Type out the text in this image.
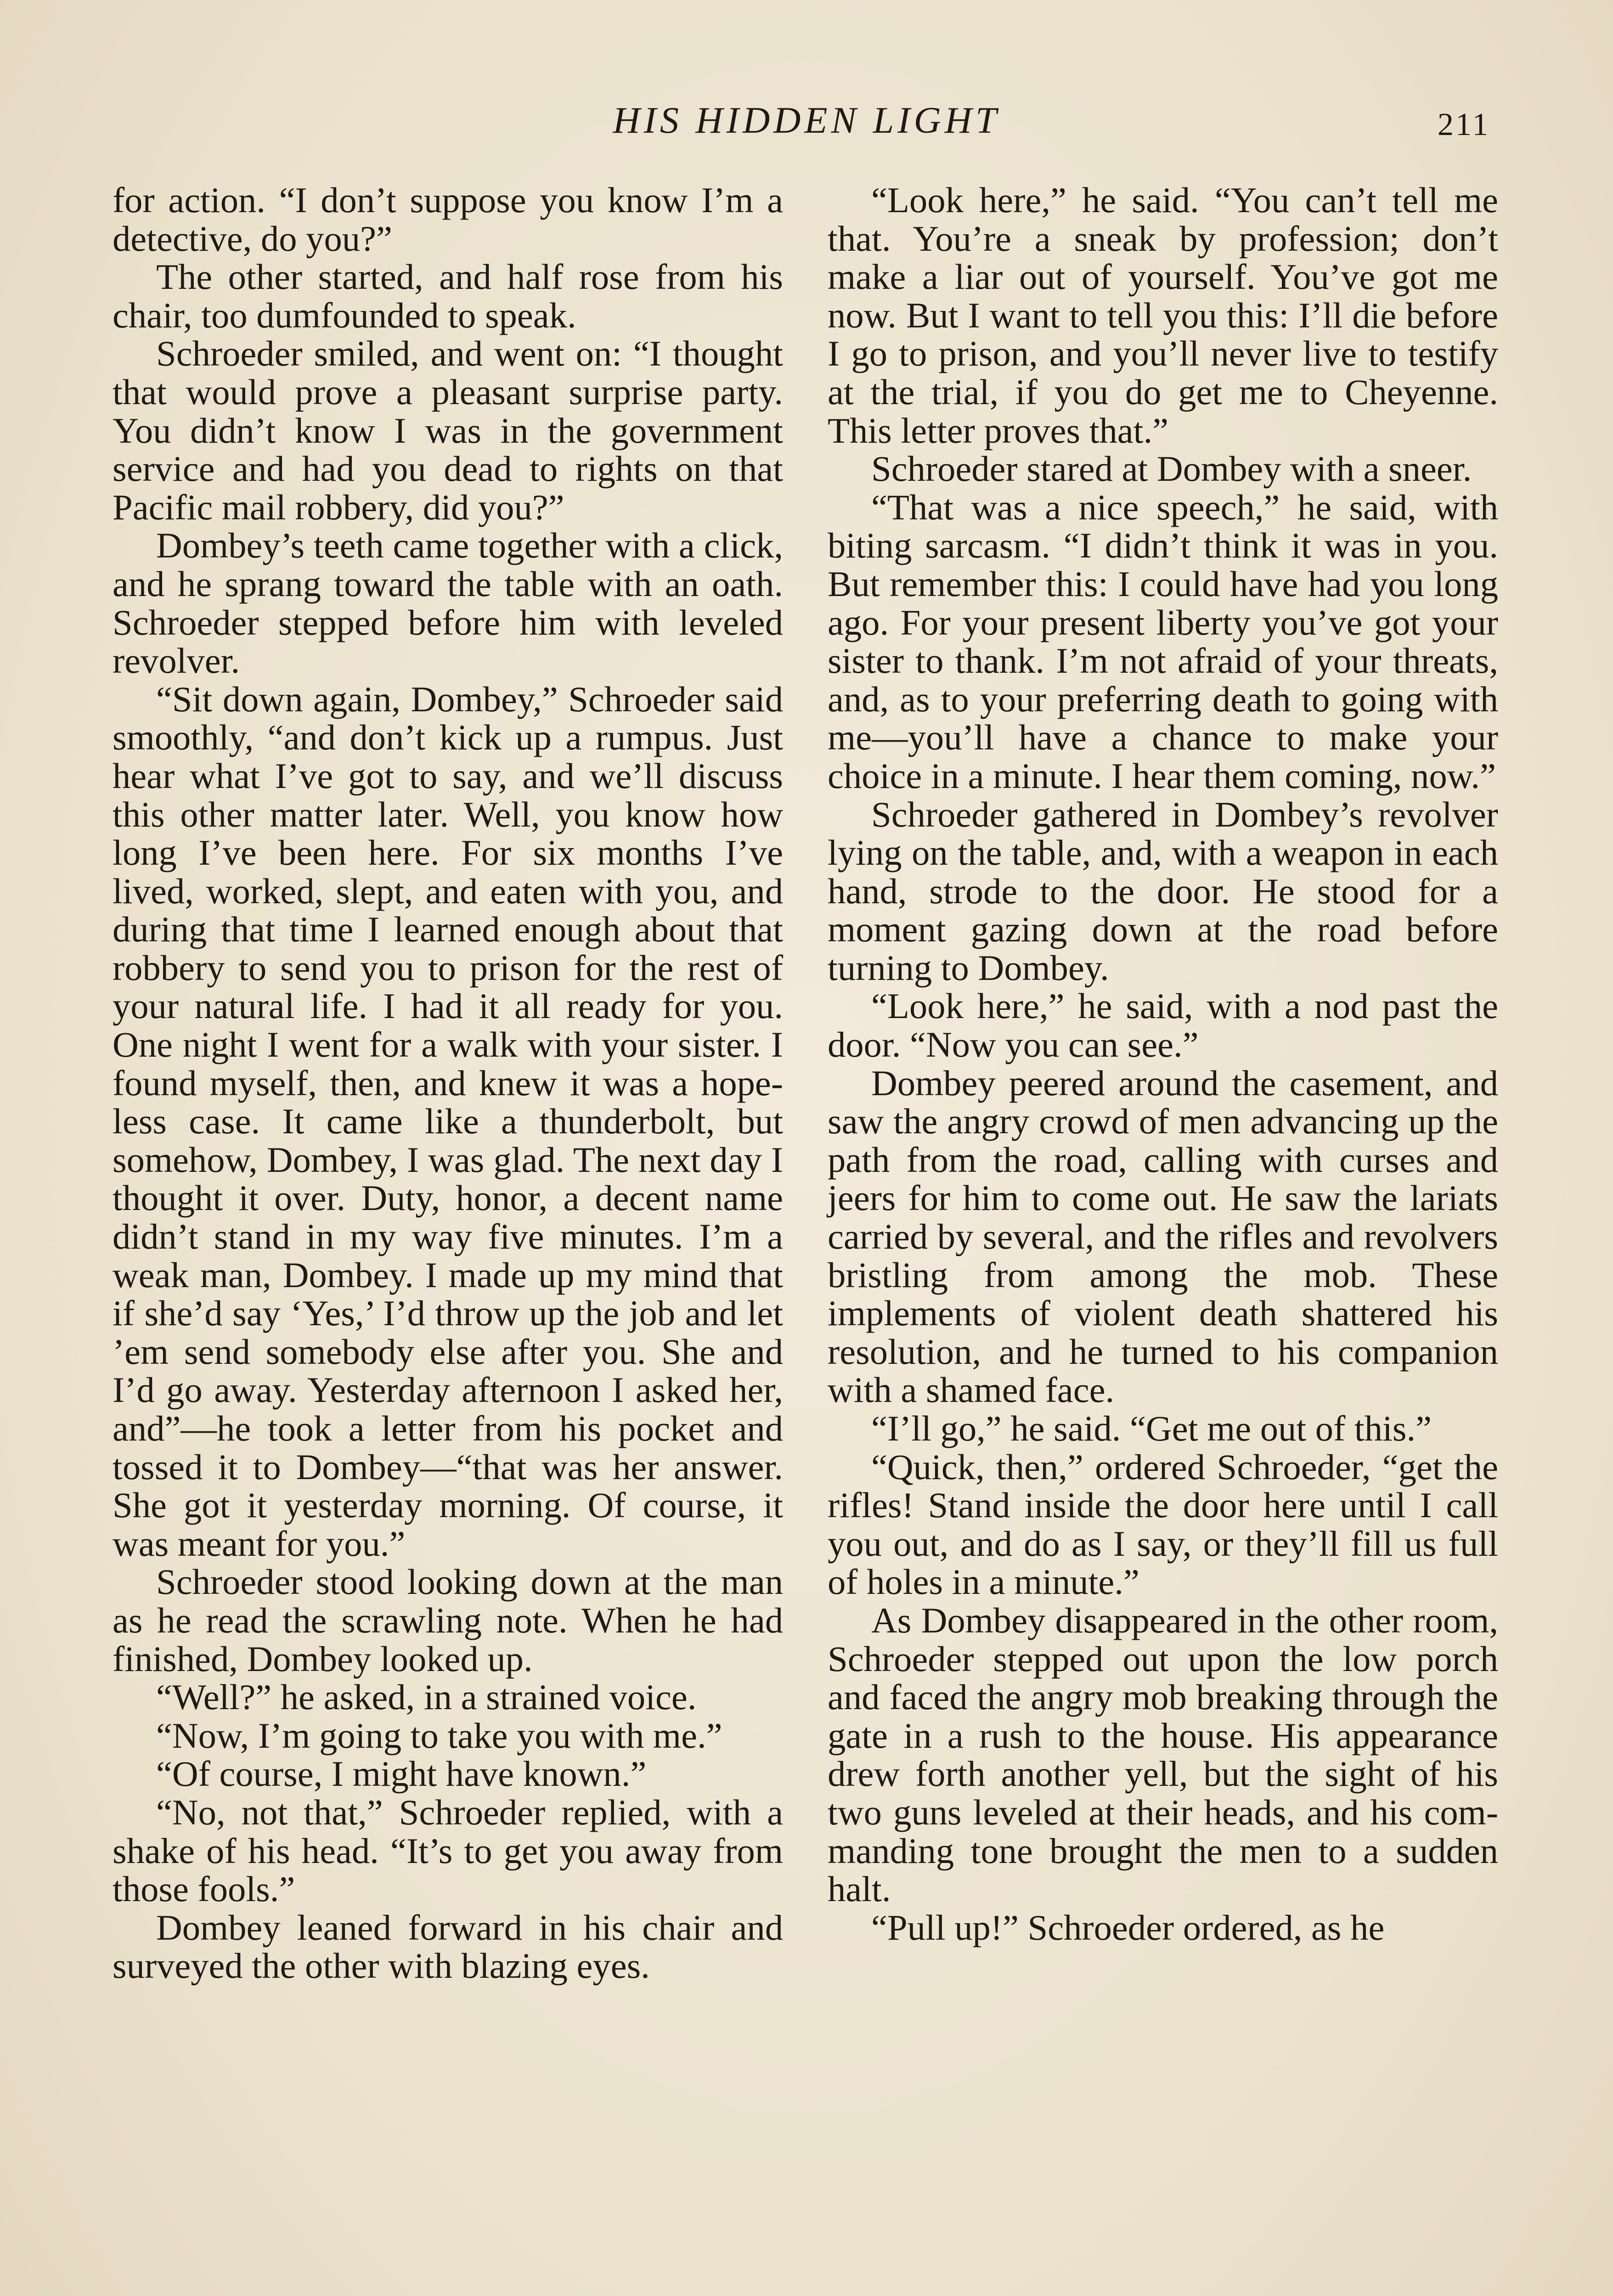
HIS HIDDEN LIGHT	211

for action. “I don’t suppose you know I’m a detective, do you?”

The other started, and half rose from his chair, too dumfounded to speak.

Schroeder smiled, and went on: “I thought that would prove a pleasant surprise party. You didn’t know I was in the government service and had you dead to rights on that Pacific mail robbery, did you?”

Dombey’s teeth came together with a click, and he sprang toward the table with an oath. Schroeder stepped before him with leveled revolver.

“Sit down again, Dombey,” Schroeder said smoothly, “and don’t kick up a rumpus. Just hear what I’ve got to say, and we’ll discuss this other matter later. Well, you know how long I’ve been here. For six months I’ve lived, worked, slept, and eaten with you, and during that time I learned enough about that robbery to send you to prison for the rest of your natural life. I had it all ready for you. One night I went for a walk with your sister. I found myself, then, and knew it was a hopeless case. It came like a thunderbolt, but somehow, Dombey, I was glad. The next day I thought it over. Duty, honor, a decent name didn’t stand in my way five minutes. I’m a weak man, Dombey. I made up my mind that if she’d say ‘Yes,’ I’d throw up the job and let ’em send somebody else after you. She and I’d go away. Yesterday afternoon I asked her, and”—he took a letter from his pocket and tossed it to Dombey—“that was her answer. She got it yesterday morning. Of course, it was meant for you.”

Schroeder stood looking down at the man as he read the scrawling note. When he had finished, Dombey looked up.

“Well?” he asked, in a strained voice.

“Now, I’m going to take you with me.”

“Of course, I might have known.”

“No, not that,” Schroeder replied, with a shake of his head. “It’s to get you away from those fools.”

Dombey leaned forward in his chair and surveyed the other with blazing eyes.

“Look here,” he said. “You can’t tell me that. You’re a sneak by profession; don’t make a liar out of yourself. You’ve got me now. But I want to tell you this: I’ll die before I go to prison, and you’ll never live to testify at the trial, if you do get me to Cheyenne. This letter proves that.”

Schroeder stared at Dombey with a sneer.

“That was a nice speech,” he said, with biting sarcasm. “I didn’t think it was in you. But remember this: I could have had you long ago. For your present liberty you’ve got your sister to thank. I’m not afraid of your threats, and, as to your preferring death to going with me—you’ll have a chance to make your choice in a minute. I hear them coming, now.”

Schroeder gathered in Dombey’s revolver lying on the table, and, with a weapon in each hand, strode to the door. He stood for a moment gazing down at the road before turning to Dombey.

“Look here,” he said, with a nod past the door. “Now you can see.”

Dombey peered around the casement, and saw the angry crowd of men advancing up the path from the road, calling with curses and jeers for him to come out. He saw the lariats carried by several, and the rifles and revolvers bristling from among the mob. These implements of violent death shattered his resolution, and he turned to his companion with a shamed face.

“I’ll go,” he said. “Get me out of this.”

“Quick, then,” ordered Schroeder, “get the rifles! Stand inside the door here until I call you out, and do as I say, or they’ll fill us full of holes in a minute.”

As Dombey disappeared in the other room, Schroeder stepped out upon the low porch and faced the angry mob breaking through the gate in a rush to the house. His appearance drew forth another yell, but the sight of his two guns leveled at their heads, and his commanding tone brought the men to a sudden halt.

“Pull up!” Schroeder ordered, as he
